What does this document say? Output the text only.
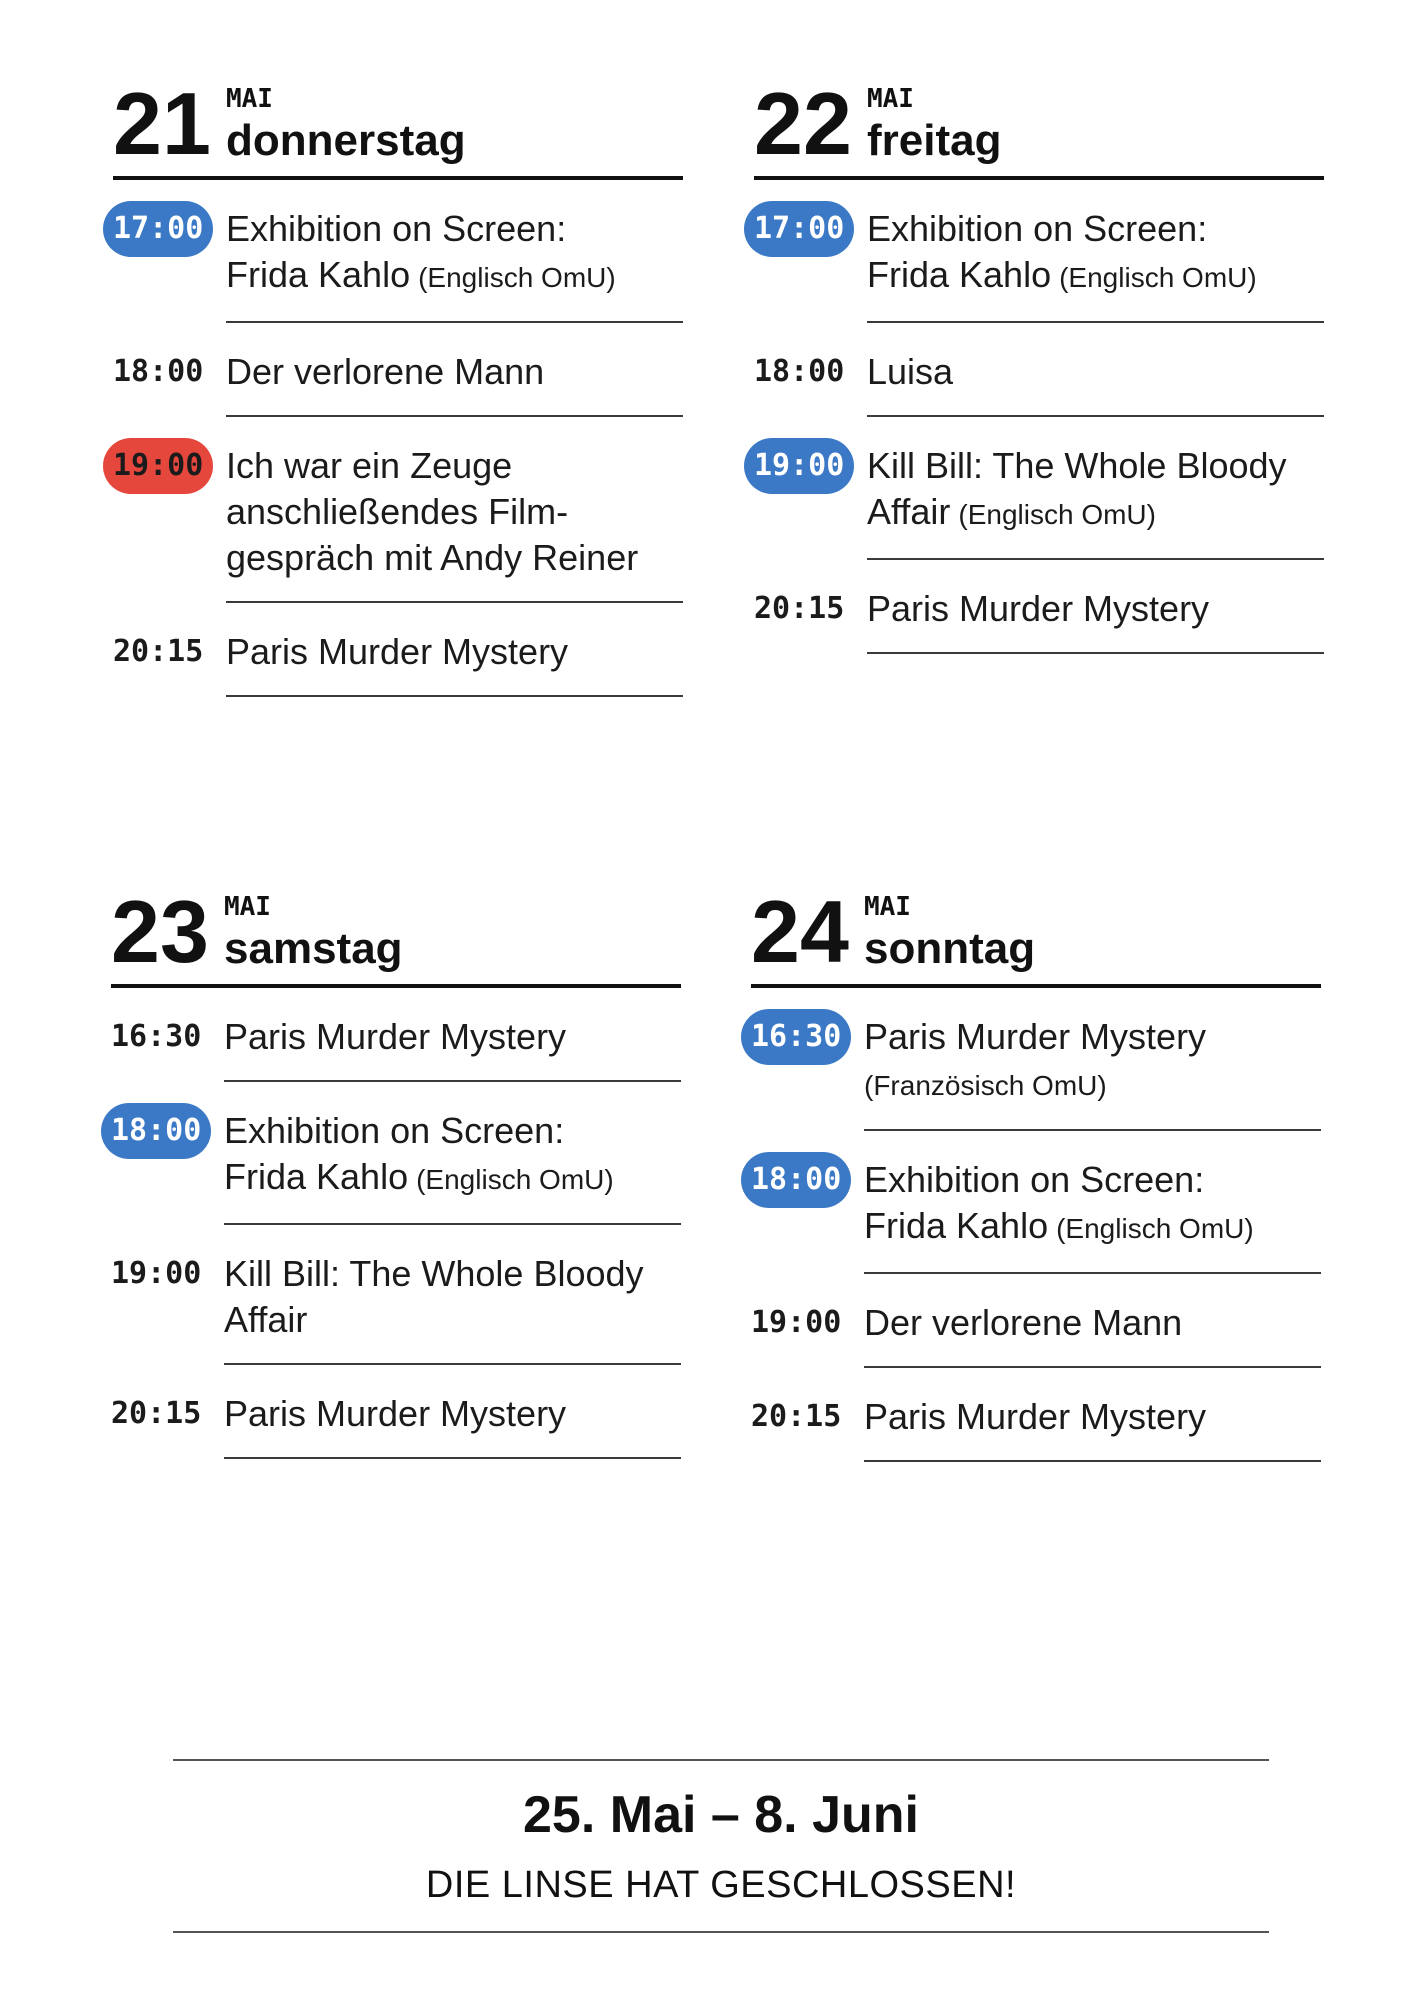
21 MAI
donnerstag
17:00 Exhibition on Screen:
Frida Kahlo (Englisch OmU)
18:00 Der verlorene Mann
19:00 Ich war ein Zeuge
anschließendes Film-
gespräch mit Andy Reiner
20:15 Paris Murder Mystery
22 MAI
freitag
17:00 Exhibition on Screen:
Frida Kahlo (Englisch OmU)
18:00 Luisa
19:00 Kill Bill: The Whole Bloody
Affair (Englisch OmU)
20:15 Paris Murder Mystery
23 MAI
samstag
16:30 Paris Murder Mystery
18:00 Exhibition on Screen:
Frida Kahlo (Englisch OmU)
19:00 Kill Bill: The Whole Bloody
Affair
20:15 Paris Murder Mystery
24 MAI
sonntag
16:30 Paris Murder Mystery
(Französisch OmU)
18:00 Exhibition on Screen:
Frida Kahlo (Englisch OmU)
19:00 Der verlorene Mann
20:15 Paris Murder Mystery
25. Mai – 8. Juni
DIE LINSE HAT GESCHLOSSEN!
